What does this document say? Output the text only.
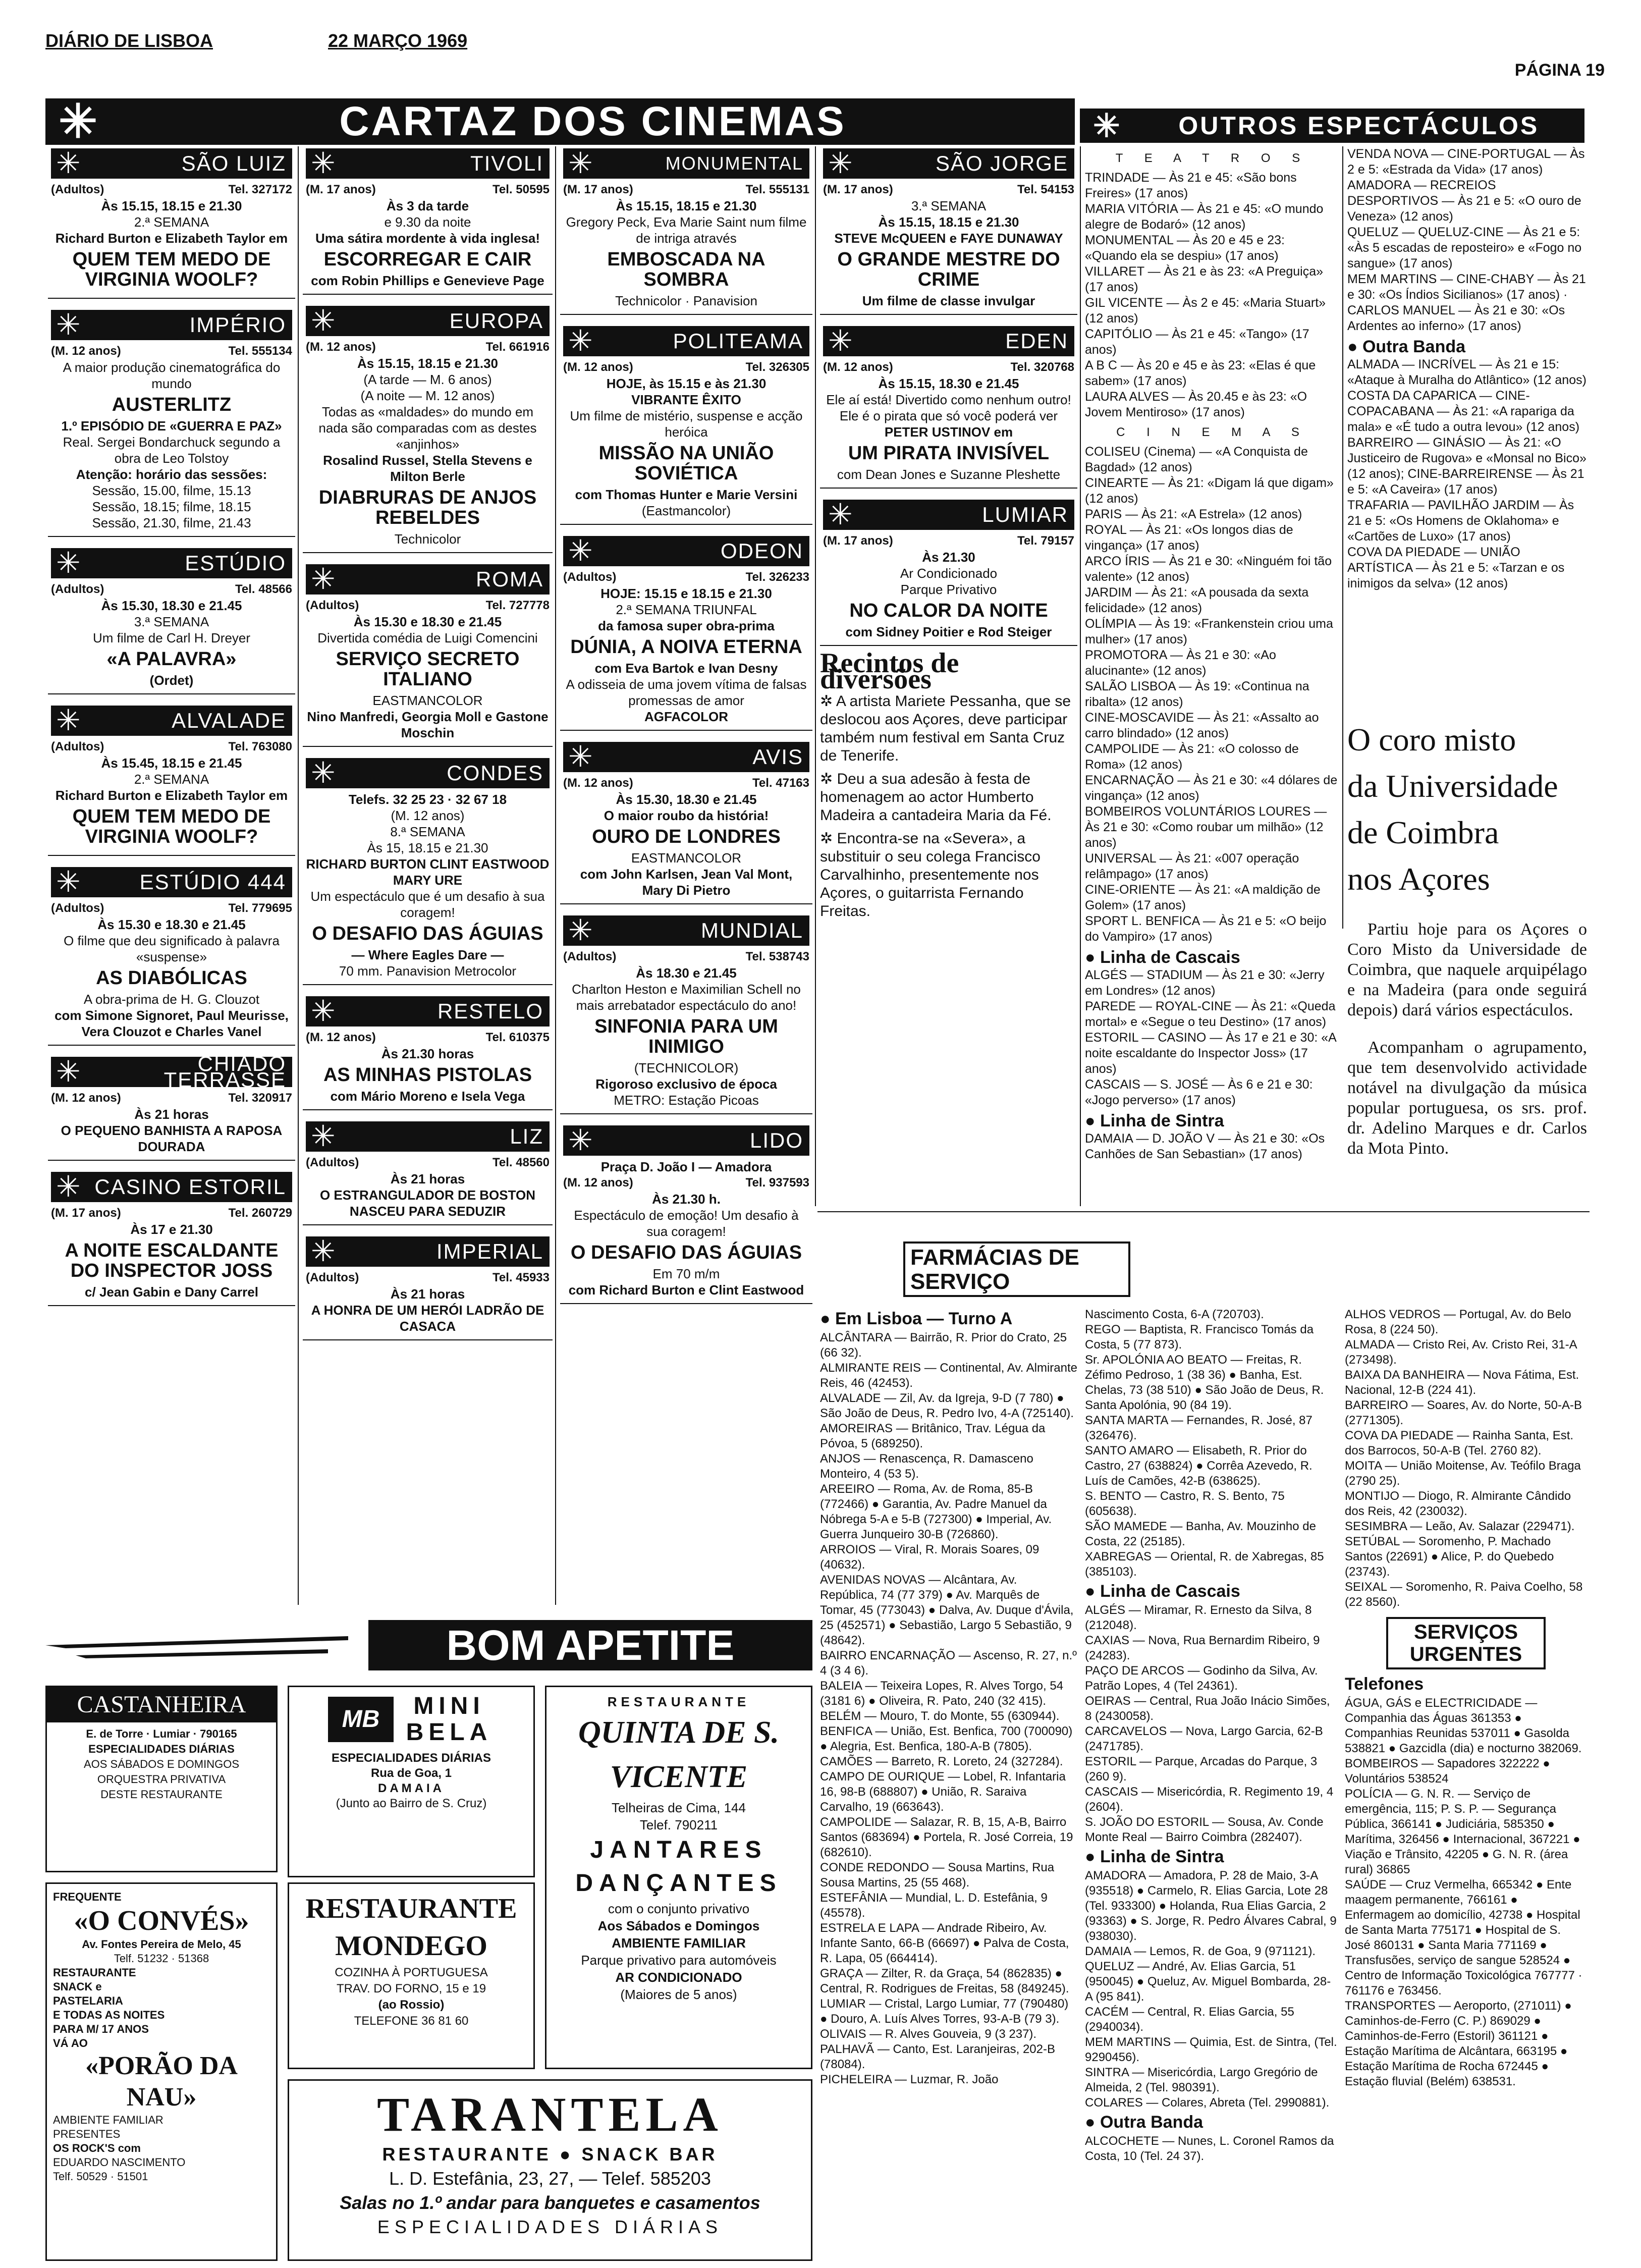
DIÁRIO DE LISBOA	22 MARÇO 1969
PÁGINA 19
✳	CARTAZ DOS CINEMAS	✳	OUTROS ESPECTÁCULOS
✳	SÃO LUIZ
(Adultos)	Tel. 327172
Às 15.15, 18.15 e 21.30
2.ª SEMANA
Richard Burton e Elizabeth Taylor em
QUEM TEM MEDO DE VIRGINIA WOOLF?
✳	IMPÉRIO
(M. 12 anos)	Tel. 555134
A maior produção cinematográfica do mundo
AUSTERLITZ
1.º EPISÓDIO DE «GUERRA E PAZ»
Real. Sergei Bondarchuck segundo a obra de Leo Tolstoy
Atenção: horário das sessões:
Sessão, 15.00, filme, 15.13
Sessão, 18.15; filme, 18.15
Sessão, 21.30, filme, 21.43
✳	ESTÚDIO
(Adultos)	Tel. 48566
Às 15.30, 18.30 e 21.45
3.ª SEMANA
Um filme de Carl H. Dreyer
«A PALAVRA»
(Ordet)
✳	ALVALADE
(Adultos)	Tel. 763080
Às 15.45, 18.15 e 21.45
2.ª SEMANA
Richard Burton e Elizabeth Taylor em
QUEM TEM MEDO DE VIRGINIA WOOLF?
✳	ESTÚDIO 444
(Adultos)	Tel. 779695
Às 15.30 e 18.30 e 21.45
O filme que deu significado à palavra «suspense»
AS DIABÓLICAS
A obra-prima de H. G. Clouzot
com Simone Signoret, Paul Meurisse, Vera Clouzot e Charles Vanel
✳	CHIADO TERRASSE
(M. 12 anos)	Tel. 320917
Às 21 horas
O PEQUENO BANHISTA A RAPOSA DOURADA
✳ CASINO ESTORIL
(M. 17 anos)	Tel. 260729
Às 17 e 21.30
A NOITE ESCALDANTE DO INSPECTOR JOSS
c/ Jean Gabin e Dany Carrel
✳	TIVOLI
(M. 17 anos)	Tel. 50595
Às 3 da tarde
e 9.30 da noite
Uma sátira mordente à vida inglesa!
ESCORREGAR E CAIR
com Robin Phillips e Genevieve Page
✳	EUROPA
(M. 12 anos)	Tel. 661916
Às 15.15, 18.15 e 21.30
(A tarde — M. 6 anos)
(A noite — M. 12 anos)
Todas as «maldades» do mundo em nada são comparadas com as destes «anjinhos»
Rosalind Russel, Stella Stevens e Milton Berle
DIABRURAS DE ANJOS REBELDES
Technicolor
✳	ROMA
(Adultos)	Tel. 727778
Às 15.30 e 18.30 e 21.45
Divertida comédia de Luigi Comencini
SERVIÇO SECRETO ITALIANO
EASTMANCOLOR
Nino Manfredi, Georgia Moll e Gastone Moschin
✳	CONDES
Telefs. 32 25 23 · 32 67 18
(M. 12 anos)
8.ª SEMANA
Às 15, 18.15 e 21.30
RICHARD BURTON CLINT EASTWOOD MARY URE
Um espectáculo que é um desafio à sua coragem!
O DESAFIO DAS ÁGUIAS
— Where Eagles Dare —
70 mm. Panavision Metrocolor
✳	RESTELO
(M. 12 anos)	Tel. 610375
Às 21.30 horas
AS MINHAS PISTOLAS
com Mário Moreno e Isela Vega
✳	LIZ
(Adultos)	Tel. 48560
Às 21 horas
O ESTRANGULADOR DE BOSTON
NASCEU PARA SEDUZIR
✳	IMPERIAL
(Adultos)	Tel. 45933
Às 21 horas
A HONRA DE UM HERÓI LADRÃO DE CASACA
✳	MONUMENTAL
(M. 17 anos)	Tel. 555131
Às 15.15, 18.15 e 21.30
Gregory Peck, Eva Marie Saint num filme de intriga através
EMBOSCADA NA SOMBRA
Technicolor · Panavision
✳	POLITEAMA
(M. 12 anos)	Tel. 326305
HOJE, às 15.15 e às 21.30
VIBRANTE ÊXITO
Um filme de mistério, suspense e acção heróica
MISSÃO NA UNIÃO SOVIÉTICA
com Thomas Hunter e Marie Versini
(Eastmancolor)
✳	ODEON
(Adultos)	Tel. 326233
HOJE: 15.15 e 18.15 e 21.30
2.ª SEMANA TRIUNFAL
da famosa super obra-prima
DÚNIA, A NOIVA ETERNA
com Eva Bartok e Ivan Desny
A odisseia de uma jovem vítima de falsas promessas de amor
AGFACOLOR
✳	AVIS
(M. 12 anos)	Tel. 47163
Às 15.30, 18.30 e 21.45
O maior roubo da história!
OURO DE LONDRES
EASTMANCOLOR
com John Karlsen, Jean Val Mont, Mary Di Pietro
✳	MUNDIAL
(Adultos)	Tel. 538743
Às 18.30 e 21.45
Charlton Heston e Maximilian Schell no mais arrebatador espectáculo do ano!
SINFONIA PARA UM INIMIGO
(TECHNICOLOR)
Rigoroso exclusivo de época
METRO: Estação Picoas
✳	LIDO
Praça D. João I — Amadora
(M. 12 anos)	Tel. 937593
Às 21.30 h.
Espectáculo de emoção! Um desafio à sua coragem!
O DESAFIO DAS ÁGUIAS
Em 70 m/m
com Richard Burton e Clint Eastwood
✳	SÃO JORGE
(M. 17 anos)	Tel. 54153
3.ª SEMANA
Às 15.15, 18.15 e 21.30
STEVE McQUEEN e FAYE DUNAWAY
O GRANDE MESTRE DO CRIME
Um filme de classe invulgar
✳	EDEN
(M. 12 anos)	Tel. 320768
Às 15.15, 18.30 e 21.45
Ele aí está! Divertido como nenhum outro! Ele é o pirata que só você poderá ver
PETER USTINOV em
UM PIRATA INVISÍVEL
com Dean Jones e Suzanne Pleshette
✳	LUMIAR
(M. 17 anos)	Tel. 79157
Às 21.30
Ar Condicionado
Parque Privativo
NO CALOR DA NOITE
com Sidney Poitier e Rod Steiger
Recintos de diversões
✲ A artista Mariete Pessanha, que se deslocou aos Açores, deve participar também num festival em Santa Cruz de Tenerife.
✲ Deu a sua adesão à festa de homenagem ao actor Humberto Madeira a cantadeira Maria da Fé.
✲ Encontra-se na «Severa», a substituir o seu colega Francisco Carvalhinho, presentemente nos Açores, o guitarrista Fernando Freitas.
T E A T R O S
TRINDADE — Às 21 e 45: «São bons Freires» (17 anos)
MARIA VITÓRIA — Às 21 e 45: «O mundo alegre de Bodaró» (12 anos)
MONUMENTAL — Às 20 e 45 e 23: «Quando ela se despiu» (17 anos)
VILLARET — Às 21 e às 23: «A Preguiça» (17 anos)
GIL VICENTE — Às 2 e 45: «Maria Stuart» (12 anos)
CAPITÓLIO — Às 21 e 45: «Tango» (17 anos)
A B C — Às 20 e 45 e às 23: «Elas é que sabem» (17 anos)
LAURA ALVES — Às 20.45 e às 23: «O Jovem Mentiroso» (17 anos)
C I N E M A S
COLISEU (Cinema) — «A Conquista de Bagdad» (12 anos)
CINEARTE — Às 21: «Digam lá que digam» (12 anos)
PARIS — Às 21: «A Estrela» (12 anos)
ROYAL — Às 21: «Os longos dias de vingança» (17 anos)
ARCO ÍRIS — Às 21 e 30: «Ninguém foi tão valente» (12 anos)
JARDIM — Às 21: «A pousada da sexta felicidade» (12 anos)
OLÍMPIA — Às 19: «Frankenstein criou uma mulher» (17 anos)
PROMOTORA — Às 21 e 30: «Ao alucinante» (12 anos)
SALÃO LISBOA — Às 19: «Continua na ribalta» (12 anos)
CINE-MOSCAVIDE — Às 21: «Assalto ao carro blindado» (12 anos)
CAMPOLIDE — Às 21: «O colosso de Roma» (12 anos)
ENCARNAÇÃO — Às 21 e 30: «4 dólares de vingança» (12 anos)
BOMBEIROS VOLUNTÁRIOS LOURES — Às 21 e 30: «Como roubar um milhão» (12 anos)
UNIVERSAL — Às 21: «007 operação relâmpago» (17 anos)
CINE-ORIENTE — Às 21: «A maldição de Golem» (17 anos)
SPORT L. BENFICA — Às 21 e 5: «O beijo do Vampiro» (17 anos)
● Linha de Cascais
ALGÉS — STADIUM — Às 21 e 30: «Jerry em Londres» (12 anos)
PAREDE — ROYAL-CINE — Às 21: «Queda mortal» e «Segue o teu Destino» (17 anos)
ESTORIL — CASINO — Às 17 e 21 e 30: «A noite escaldante do Inspector Joss» (17 anos)
CASCAIS — S. JOSÉ — Às 6 e 21 e 30: «Jogo perverso» (17 anos)
● Linha de Sintra
DAMAIA — D. JOÃO V — Às 21 e 30: «Os Canhões de San Sebastian» (17 anos)
VENDA NOVA — CINE-PORTUGAL — Às 2 e 5: «Estrada da Vida» (17 anos)
AMADORA — RECREIOS DESPORTIVOS — Às 21 e 5: «O ouro de Veneza» (12 anos)
QUELUZ — QUELUZ-CINE — Às 21 e 5: «Às 5 escadas de reposteiro» e «Fogo no sangue» (17 anos)
MEM MARTINS — CINE-CHABY — Às 21 e 30: «Os Índios Sicilianos» (17 anos) · CARLOS MANUEL — Às 21 e 30: «Os Ardentes ao inferno» (17 anos)
● Outra Banda
ALMADA — INCRÍVEL — Às 21 e 15: «Ataque à Muralha do Atlântico» (12 anos)
COSTA DA CAPARICA — CINE-COPACABANA — Às 21: «A rapariga da mala» e «É tudo a outra levou» (12 anos)
BARREIRO — GINÁSIO — Às 21: «O Justiceiro de Rugova» e «Monsal no Bico» (12 anos); CINE-BARREIRENSE — Às 21 e 5: «A Caveira» (17 anos)
TRAFARIA — PAVILHÃO JARDIM — Às 21 e 5: «Os Homens de Oklahoma» e «Cartões de Luxo» (17 anos)
COVA DA PIEDADE — UNIÃO ARTÍSTICA — Às 21 e 5: «Tarzan e os inimigos da selva» (12 anos)
O coro misto
da Universidade
de Coimbra
nos Açores

Partiu hoje para os Açores o Coro Misto da Universidade de Coimbra, que naquele arquipélago e na Madeira (para onde seguirá depois) dará vários espectáculos.

Acompanham o agrupamento, que tem desenvolvido actividade notável na divulgação da música popular portuguesa, os srs. prof. dr. Adelino Marques e dr. Carlos da Mota Pinto.

FARMÁCIAS DE SERVIÇO
● Em Lisboa — Turno A
ALCÂNTARA — Bairrão, R. Prior do Crato, 25 (66 32).
ALMIRANTE REIS — Continental, Av. Almirante Reis, 46 (42453).
ALVALADE — Zil, Av. da Igreja, 9-D (7 780) ● São João de Deus, R. Pedro Ivo, 4-A (725140).
AMOREIRAS — Britânico, Trav. Légua da Póvoa, 5 (689250).
ANJOS — Renascença, R. Damasceno Monteiro, 4 (53 5).
AREEIRO — Roma, Av. de Roma, 85-B (772466) ● Garantia, Av. Padre Manuel da Nóbrega 5-A e 5-B (727300) ● Imperial, Av. Guerra Junqueiro 30-B (726860).
ARROIOS — Viral, R. Morais Soares, 09 (40632).
AVENIDAS NOVAS — Alcântara, Av. República, 74 (77 379) ● Av. Marquês de Tomar, 45 (773043) ● Dalva, Av. Duque d'Ávila, 25 (452571) ● Sebastião, Largo 5 Sebastião, 9 (48642).
BAIRRO ENCARNAÇÃO — Ascenso, R. 27, n.º 4 (3 4 6).
BALEIA — Teixeira Lopes, R. Alves Torgo, 54 (3181 6) ● Oliveira, R. Pato, 240 (32 415).
BELÉM — Mouro, T. do Monte, 55 (630944).
BENFICA — União, Est. Benfica, 700 (700090) ● Alegria, Est. Benfica, 180-A-B (7805).
CAMÕES — Barreto, R. Loreto, 24 (327284).
CAMPO DE OURIQUE — Lobel, R. Infantaria 16, 98-B (688807) ● União, R. Saraiva Carvalho, 19 (663643).
CAMPOLIDE — Salazar, R. B, 15, A-B, Bairro Santos (683694) ● Portela, R. José Correia, 19 (682610).
CONDE REDONDO — Sousa Martins, Rua Sousa Martins, 25 (55 468).
ESTEFÂNIA — Mundial, L. D. Estefânia, 9 (45578).
ESTRELA E LAPA — Andrade Ribeiro, Av. Infante Santo, 66-B (66697) ● Palva de Costa, R. Lapa, 05 (664414).
GRAÇA — Zilter, R. da Graça, 54 (862835) ● Central, R. Rodrigues de Freitas, 58 (849245).
LUMIAR — Cristal, Largo Lumiar, 77 (790480) ● Douro, A. Luís Alves Torres, 93-A-B (79 3).
OLIVAIS — R. Alves Gouveia, 9 (3 237).
PALHAVÃ — Canto, Est. Laranjeiras, 202-B (78084).
PICHELEIRA — Luzmar, R. João
Nascimento Costa, 6-A (720703).
REGO — Baptista, R. Francisco Tomás da Costa, 5 (77 873).
Sr. APOLÓNIA AO BEATO — Freitas, R. Zéfimo Pedroso, 1 (38 36) ● Banha, Est. Chelas, 73 (38 510) ● São João de Deus, R. Santa Apolónia, 90 (84 19).
SANTA MARTA — Fernandes, R. José, 87 (326476).
SANTO AMARO — Elisabeth, R. Prior do Castro, 27 (638824) ● Corrêa Azevedo, R. Luís de Camões, 42-B (638625).
S. BENTO — Castro, R. S. Bento, 75 (605638).
SÃO MAMEDE — Banha, Av. Mouzinho de Costa, 22 (25185).
XABREGAS — Oriental, R. de Xabregas, 85 (385103).
● Linha de Cascais
ALGÉS — Miramar, R. Ernesto da Silva, 8 (212048).
CAXIAS — Nova, Rua Bernardim Ribeiro, 9 (24283).
PAÇO DE ARCOS — Godinho da Silva, Av. Patrão Lopes, 4 (Tel 24361).
OEIRAS — Central, Rua João Inácio Simões, 8 (2430058).
CARCAVELOS — Nova, Largo Garcia, 62-B (2471785).
ESTORIL — Parque, Arcadas do Parque, 3 (260 9).
CASCAIS — Misericórdia, R. Regimento 19, 4 (2604).
S. JOÃO DO ESTORIL — Sousa, Av. Conde Monte Real — Bairro Coimbra (282407).
● Linha de Sintra
AMADORA — Amadora, P. 28 de Maio, 3-A (935518) ● Carmelo, R. Elias Garcia, Lote 28 (Tel. 933300) ● Holanda, Rua Elias Garcia, 2 (93363) ● S. Jorge, R. Pedro Álvares Cabral, 9 (938030).
DAMAIA — Lemos, R. de Goa, 9 (971121).
QUELUZ — André, Av. Elias Garcia, 51 (950045) ● Queluz, Av. Miguel Bombarda, 28-A (95 841).
CACÉM — Central, R. Elias Garcia, 55 (2940034).
MEM MARTINS — Quimia, Est. de Sintra, (Tel. 9290456).
SINTRA — Misericórdia, Largo Gregório de Almeida, 2 (Tel. 980391).
COLARES — Colares, Abreta (Tel. 2990881).
● Outra Banda
ALCOCHETE — Nunes, L. Coronel Ramos da Costa, 10 (Tel. 24 37).
ALHOS VEDROS — Portugal, Av. do Belo Rosa, 8 (224 50).
ALMADA — Cristo Rei, Av. Cristo Rei, 31-A (273498).
BAIXA DA BANHEIRA — Nova Fátima, Est. Nacional, 12-B (224 41).
BARREIRO — Soares, Av. do Norte, 50-A-B (2771305).
COVA DA PIEDADE — Rainha Santa, Est. dos Barrocos, 50-A-B (Tel. 2760 82).
MOITA — União Moitense, Av. Teófilo Braga (2790 25).
MONTIJO — Diogo, R. Almirante Cândido dos Reis, 42 (230032).
SESIMBRA — Leão, Av. Salazar (229471).
SETÚBAL — Soromenho, P. Machado Santos (22691) ● Alice, P. do Quebedo (23743).
SEIXAL — Soromenho, R. Paiva Coelho, 58 (22 8560).
SERVIÇOS URGENTES
Telefones
ÁGUA, GÁS e ELECTRICIDADE — Companhia das Águas 361353 ● Companhias Reunidas 537011 ● Gasolda 538821 ● Gazcidla (dia) e nocturno 382069.
BOMBEIROS — Sapadores 322222 ● Voluntários 538524
POLÍCIA — G. N. R. — Serviço de emergência, 115; P. S. P. — Segurança Pública, 366141 ● Judiciária, 585350 ● Marítima, 326456 ● Internacional, 367221 ● Viação e Trânsito, 42205 ● G. N. R. (área rural) 36865
SAÚDE — Cruz Vermelha, 665342 ● Ente maagem permanente, 766161 ● Enfermagem ao domicílio, 42738 ● Hospital de Santa Marta 775171 ● Hospital de S. José 860131 ● Santa Maria 771169 ● Transfusões, serviço de sangue 528524 ● Centro de Informação Toxicológica 767777 · 761176 e 763456.
TRANSPORTES — Aeroporto, (271011) ● Caminhos-de-Ferro (C. P.) 869029 ● Caminhos-de-Ferro (Estoril) 361121 ● Estação Marítima de Alcântara, 663195 ● Estação Marítima de Rocha 672445 ● Estação fluvial (Belém) 638531.
BOM APETITE
CASTANHEIRA
E. de Torre · Lumiar · 790165
ESPECIALIDADES DIÁRIAS
AOS SÁBADOS E DOMINGOS
ORQUESTRA PRIVATIVA
DESTE RESTAURANTE
FREQUENTE
«O CONVÉS»
Av. Fontes Pereira de Melo, 45
Telf. 51232 · 51368
RESTAURANTE
SNACK e
PASTELARIA
E TODAS AS NOITES
PARA M/ 17 ANOS
VÁ AO
«PORÃO DA NAU»
AMBIENTE FAMILIAR
PRESENTES
OS ROCK'S com
EDUARDO NASCIMENTO
Telf. 50529 · 51501
MB	MINI BELA
ESPECIALIDADES DIÁRIAS
Rua de Goa, 1
DAMAIA
(Junto ao Bairro de S. Cruz)
RESTAURANTE MONDEGO
COZINHA À PORTUGUESA
TRAV. DO FORNO, 15 e 19
(ao Rossio)
TELEFONE 36 81 60
RESTAURANTE
QUINTA DE S. VICENTE
Telheiras de Cima, 144
Telef. 790211
JANTARES DANÇANTES
com o conjunto privativo
Aos Sábados e Domingos
AMBIENTE FAMILIAR
Parque privativo para automóveis
AR CONDICIONADO
(Maiores de 5 anos)
TARANTELA
RESTAURANTE ● SNACK BAR
L. D. Estefânia, 23, 27, — Telef. 585203
Salas no 1.º andar para banquetes e casamentos
ESPECIALIDADES DIÁRIAS
